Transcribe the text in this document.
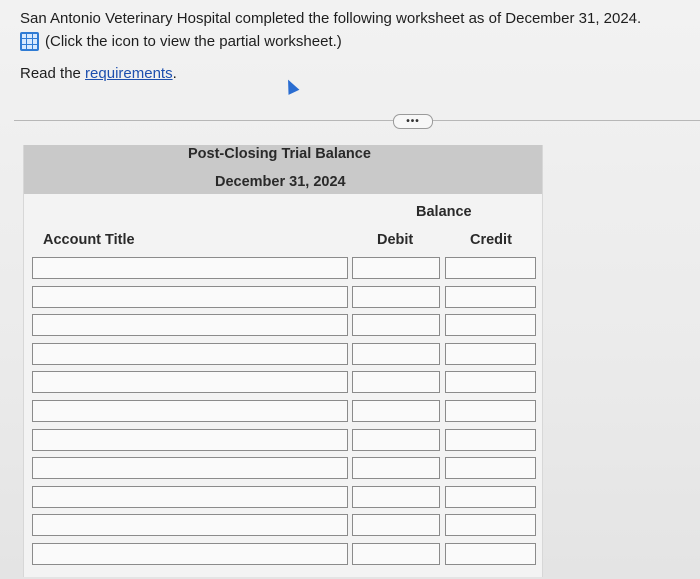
San Antonio Veterinary Hospital completed the following worksheet as of December 31, 2024.
(Click the icon to view the partial worksheet.)
Read the requirements.
•••
Post-Closing Trial Balance
December 31, 2024
Balance
Account Title	Debit	Credit
